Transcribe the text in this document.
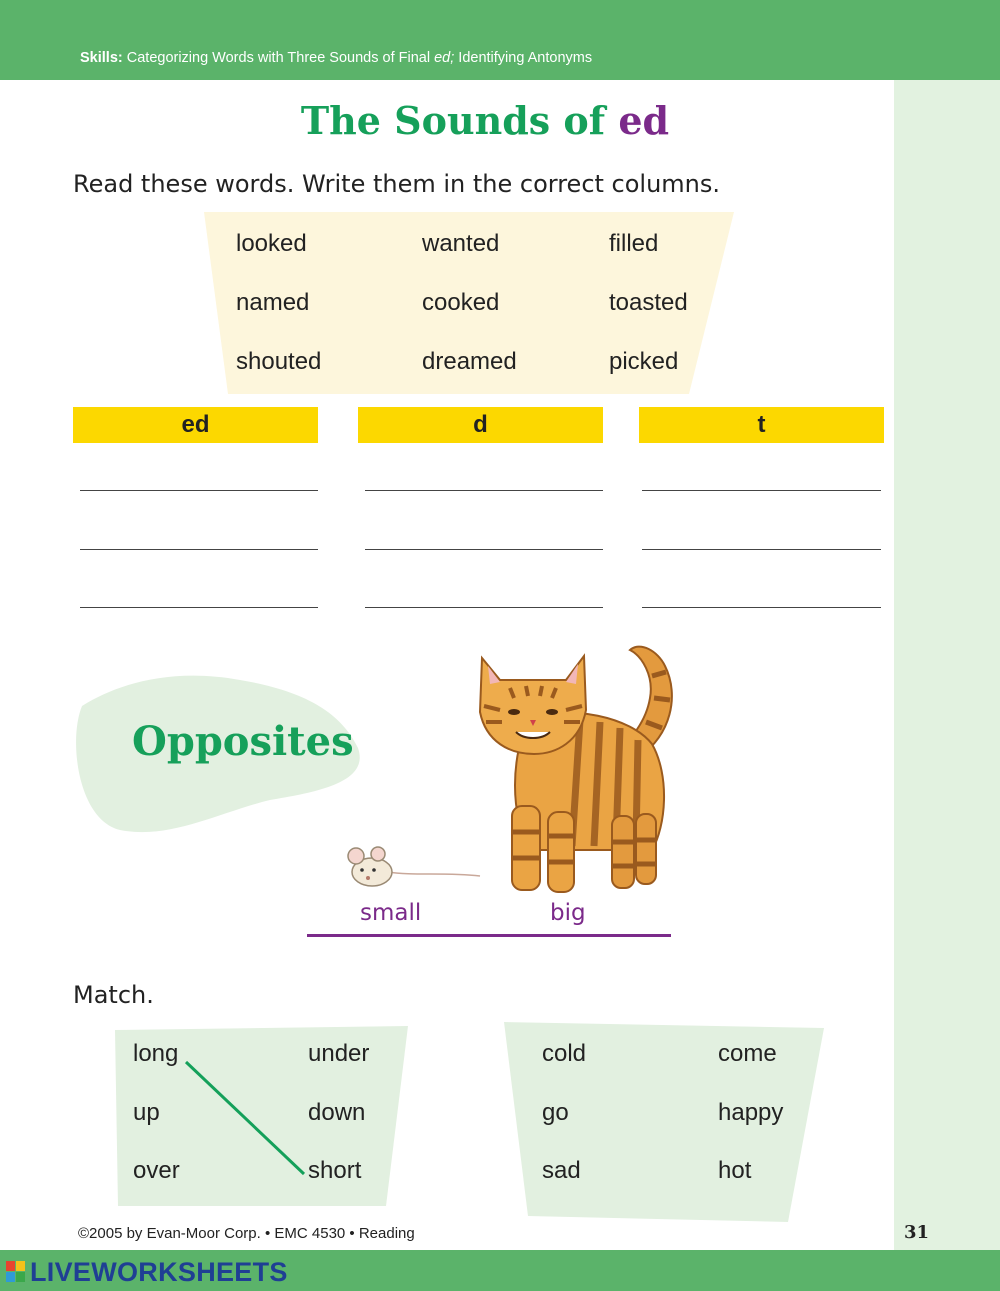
Skills: Categorizing Words with Three Sounds of Final ed; Identifying Antonyms
The Sounds of ed
Read these words. Write them in the correct columns.
looked	wanted	filled
named	cooked	toasted
shouted	dreamed	picked
ed	d	t
Opposites
small	big
Match.
long	under
up	down
over	short
cold	come
go	happy
sad	hot
©2005 by Evan-Moor Corp. • EMC 4530 • Reading	31
LIVEWORKSHEETS
